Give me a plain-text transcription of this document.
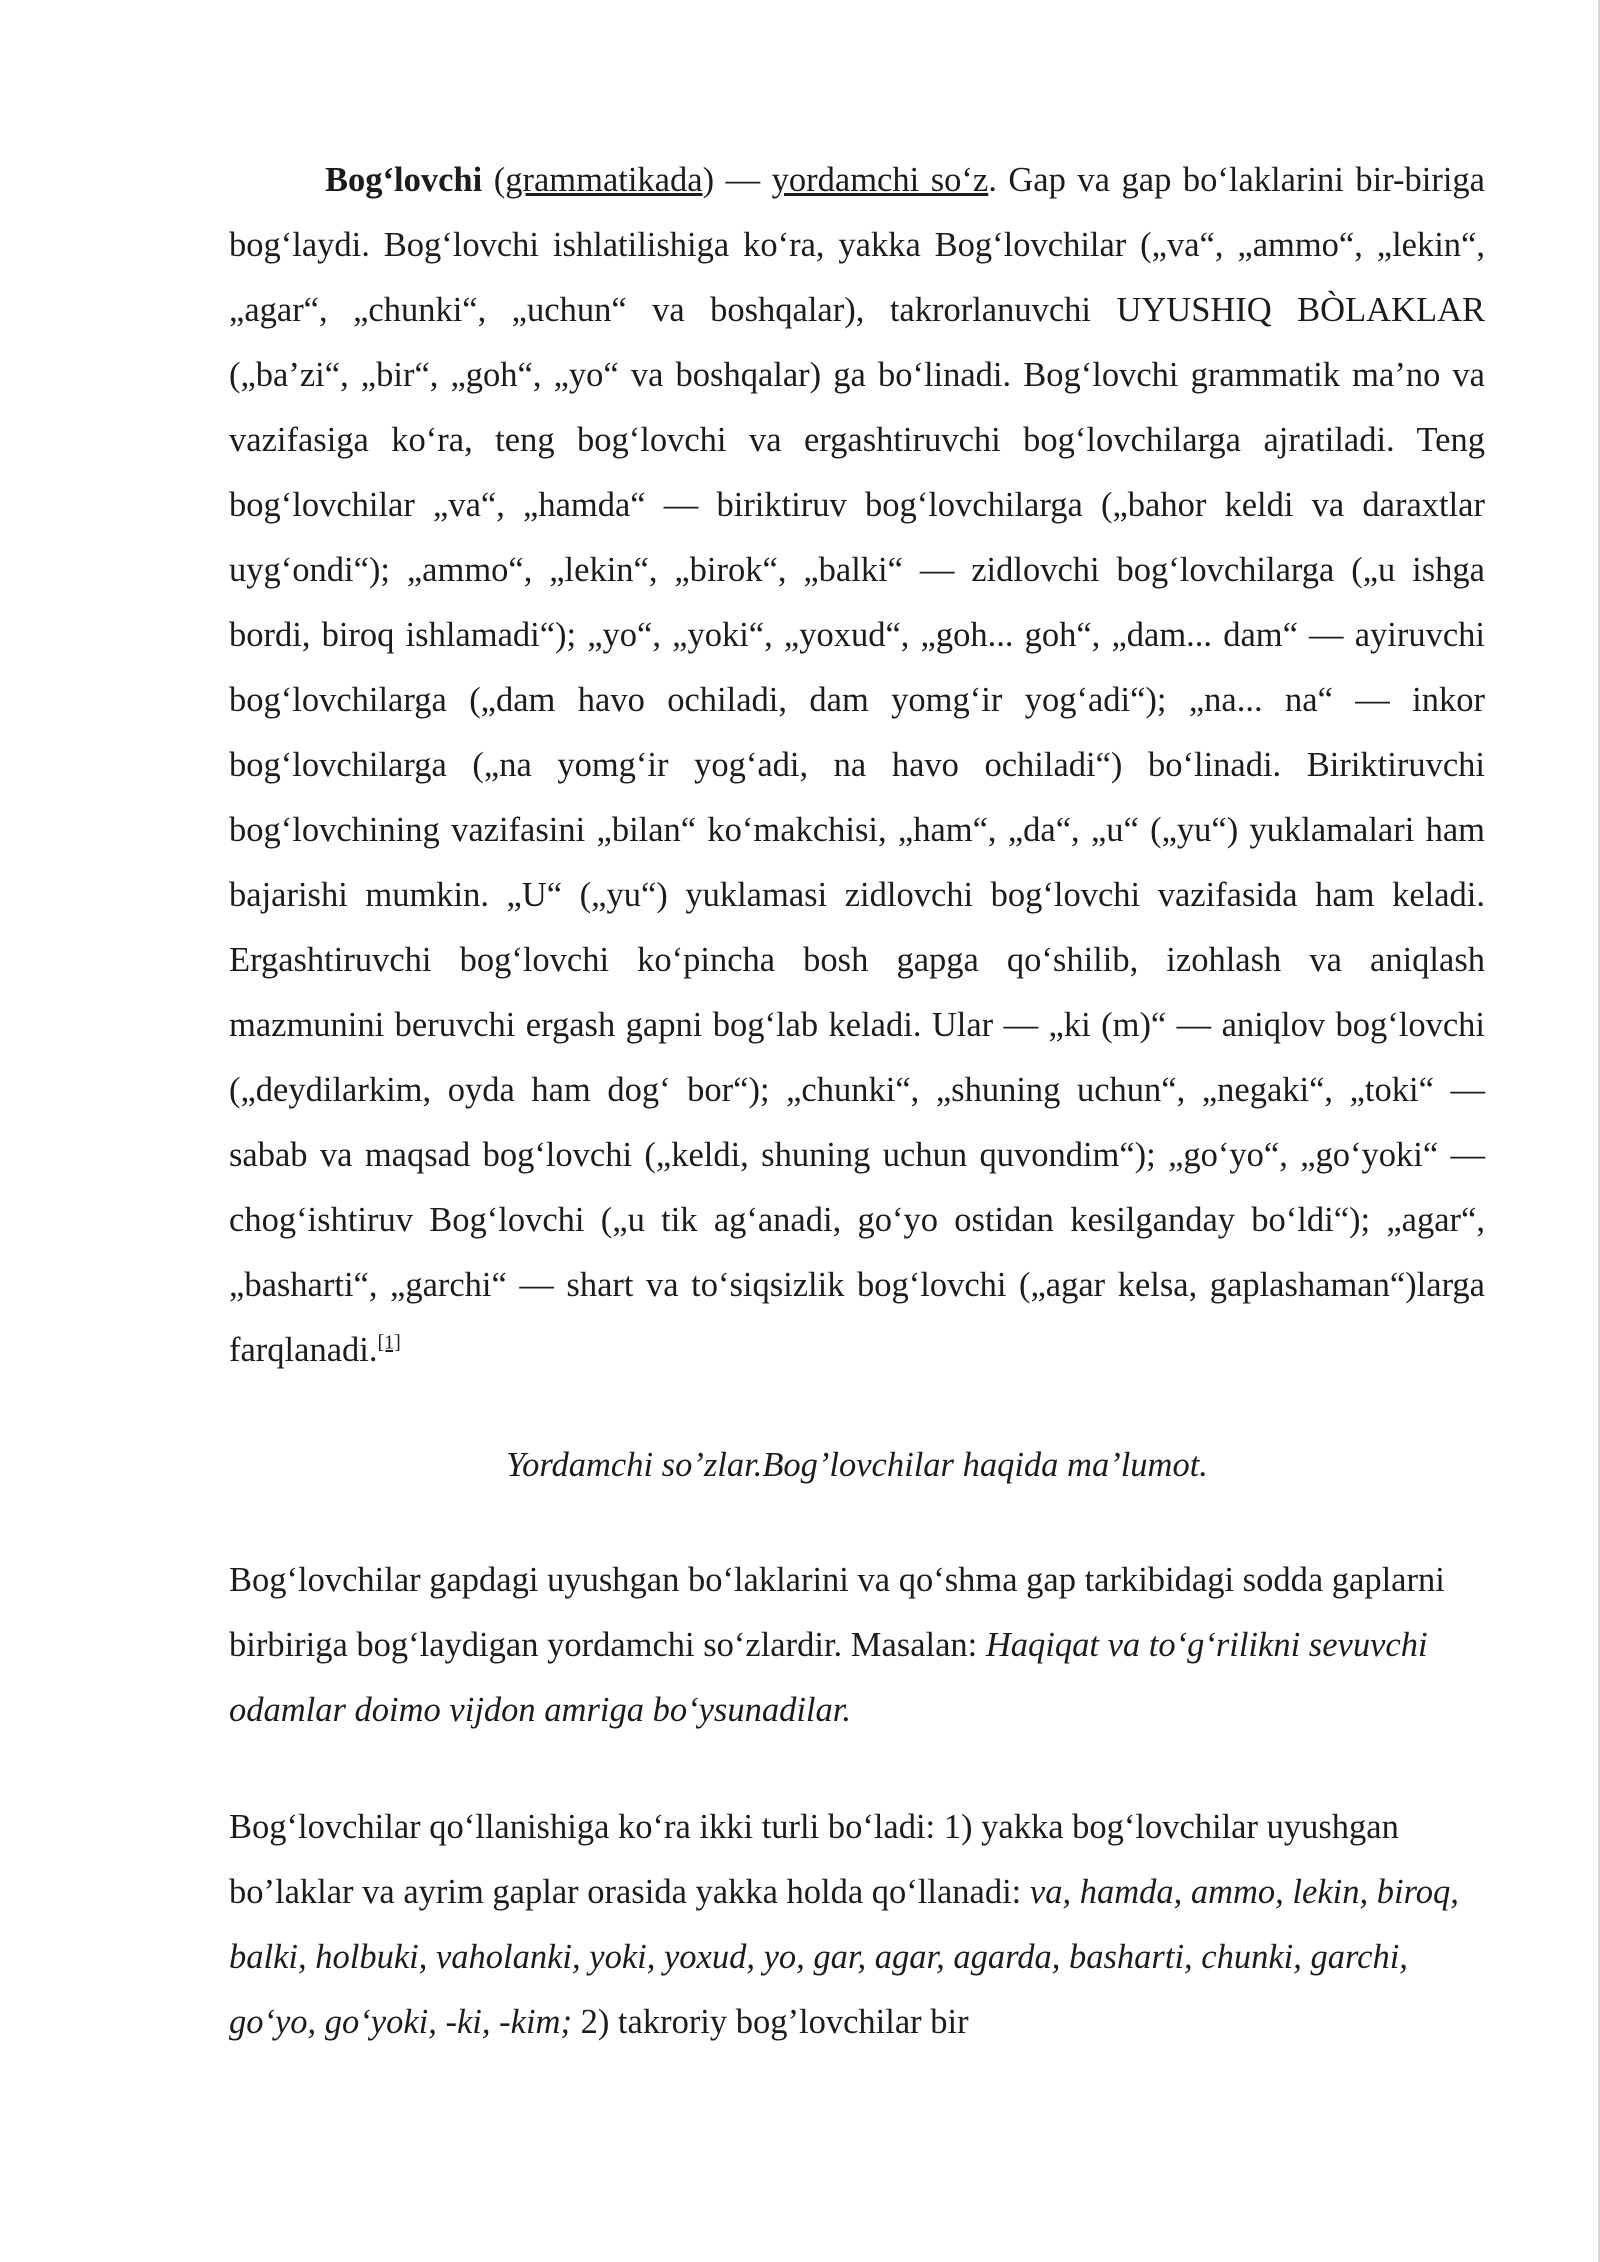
Bog‘lovchi (grammatikada) — yordamchi so‘z. Gap va gap bo‘laklarini bir-biriga bog‘laydi. Bog‘lovchi ishlatilishiga ko‘ra, yakka Bog‘lovchilar („va“, „ammo“, „lekin“, „agar“, „chunki“, „uchun“ va boshqalar), takrorlanuvchi UYUSHIQ BÒLAKLAR („ba’zi“, „bir“, „goh“, „yo“ va boshqalar) ga bo‘linadi. Bog‘lovchi grammatik ma’no va vazifasiga ko‘ra, teng bog‘lovchi va ergashtiruvchi bog‘lovchilarga ajratiladi. Teng bog‘lovchilar „va“, „hamda“ — biriktiruv bog‘lovchilarga („bahor keldi va daraxtlar uyg‘ondi“); „ammo“, „lekin“, „birok“, „balki“ — zidlovchi bog‘lovchilarga („u ishga bordi, biroq ishlamadi“); „yo“, „yoki“, „yoxud“, „goh... goh“, „dam... dam“ — ayiruvchi bog‘lovchilarga („dam havo ochiladi, dam yomg‘ir yog‘adi“); „na... na“ — inkor bog‘lovchilarga („na yomg‘ir yog‘adi, na havo ochiladi“) bo‘linadi. Biriktiruvchi bog‘lovchining vazifasini „bilan“ ko‘makchisi, „ham“, „da“, „u“ („yu“) yuklamalari ham bajarishi mumkin. „U“ („yu“) yuklamasi zidlovchi bog‘lovchi vazifasida ham keladi. Ergashtiruvchi bog‘lovchi ko‘pincha bosh gapga qo‘shilib, izohlash va aniqlash mazmunini beruvchi ergash gapni bog‘lab keladi. Ular — „ki (m)“ — aniqlov bog‘lovchi („deydilarkim, oyda ham dog‘ bor“); „chunki“, „shuning uchun“, „negaki“, „toki“ — sabab va maqsad bog‘lovchi („keldi, shuning uchun quvondim“); „go‘yo“, „go‘yoki“ — chog‘ishtiruv Bog‘lovchi („u tik ag‘anadi, go‘yo ostidan kesilganday bo‘ldi“); „agar“, „basharti“, „garchi“ — shart va to‘siqsizlik bog‘lovchi („agar kelsa, gaplashaman“)larga farqlanadi.[1]

Yordamchi so’zlar.Bog’lovchilar haqida ma’lumot.

Bog‘lovchilar gapdagi uyushgan bo‘laklarini va qo‘shma gap tarkibidagi sodda gaplarni birbiriga bog‘laydigan yordamchi so‘zlardir. Masalan: Haqiqat va to‘g‘rilikni sevuvchi odamlar doimo vijdon amriga bo‘ysunadilar.

Bog‘lovchilar qo‘llanishiga ko‘ra ikki turli bo‘ladi: 1) yakka bog‘lovchilar uyushgan bo’laklar va ayrim gaplar orasida yakka holda qo‘llanadi: va, hamda, ammo, lekin, biroq, balki, holbuki, vaholanki, yoki, yoxud, yo, gar, agar, agarda, basharti, chunki, garchi, go‘yo, go‘yoki, -ki, -kim; 2) takroriy bog’lovchilar bir
